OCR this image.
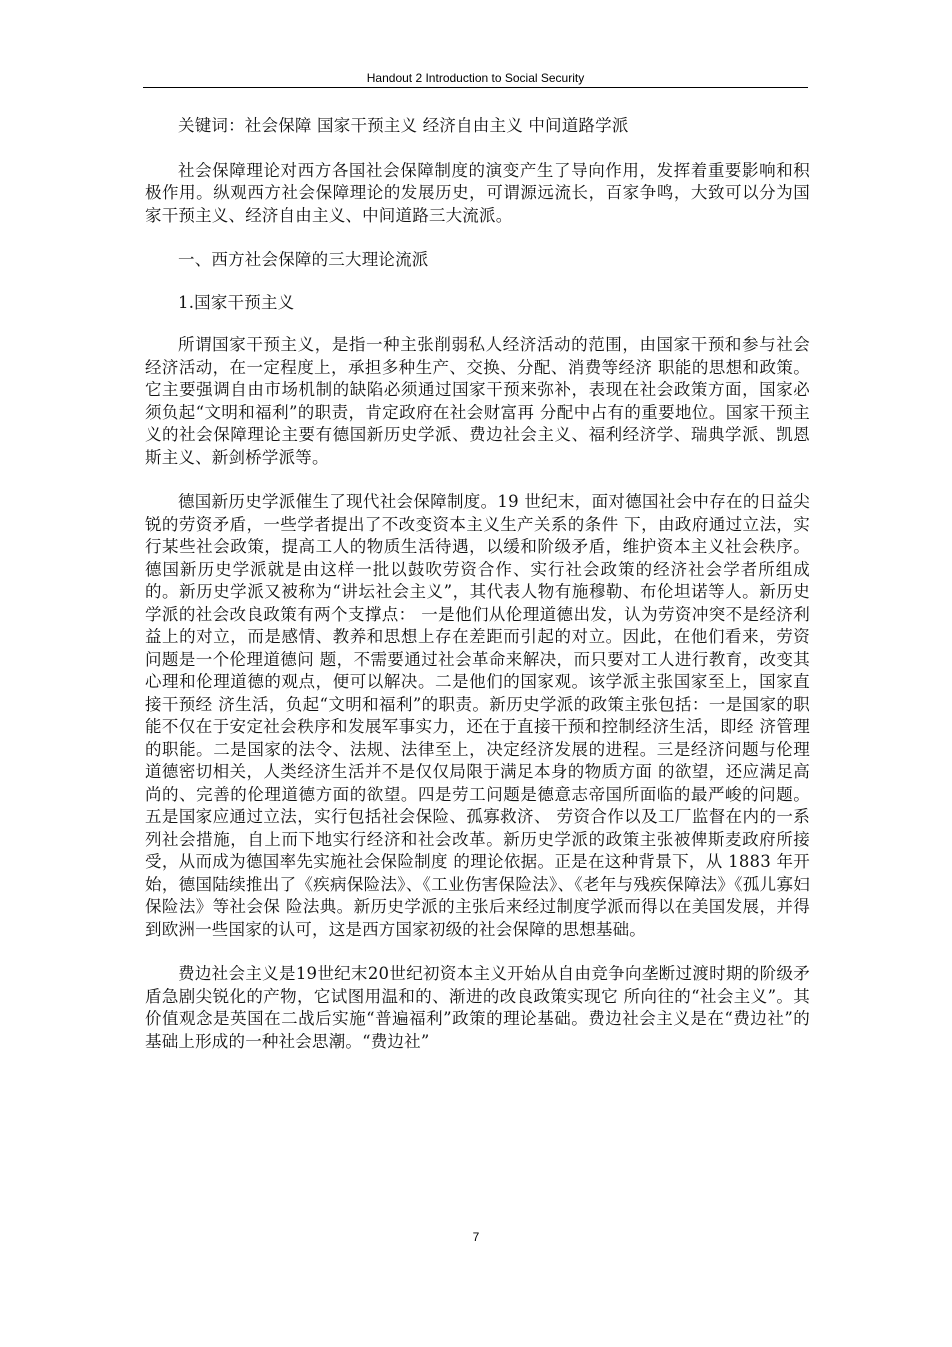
Handout 2 Introduction to Social Security

关键词：社会保障 国家干预主义 经济自由主义 中间道路学派

社会保障理论对西方各国社会保障制度的演变产生了导向作用，发挥着重要影响和积极作用。纵观西方社会保障理论的发展历史，可谓源远流长，百家争鸣，大致可以分为国家干预主义、经济自由主义、中间道路三大流派。

一、西方社会保障的三大理论流派

1.国家干预主义

所谓国家干预主义，是指一种主张削弱私人经济活动的范围，由国家干预和参与社会经济活动，在一定程度上，承担多种生产、交换、分配、消费等经济 职能的思想和政策。它主要强调自由市场机制的缺陷必须通过国家干预来弥补，表现在社会政策方面，国家必须负起“文明和福利”的职责，肯定政府在社会财富再 分配中占有的重要地位。国家干预主义的社会保障理论主要有德国新历史学派、费边社会主义、福利经济学、瑞典学派、凯恩斯主义、新剑桥学派等。

德国新历史学派催生了现代社会保障制度。19 世纪末，面对德国社会中存在的日益尖锐的劳资矛盾，一些学者提出了不改变资本主义生产关系的条件 下，由政府通过立法，实行某些社会政策，提高工人的物质生活待遇，以缓和阶级矛盾，维护资本主义社会秩序。德国新历史学派就是由这样一批以鼓吹劳资合作、实行社会政策的经济社会学者所组成的。新历史学派又被称为“讲坛社会主义”，其代表人物有施穆勒、布伦坦诺等人。新历史学派的社会改良政策有两个支撑点： 一是他们从伦理道德出发，认为劳资冲突不是经济利益上的对立，而是感情、教养和思想上存在差距而引起的对立。因此，在他们看来，劳资问题是一个伦理道德问 题，不需要通过社会革命来解决，而只要对工人进行教育，改变其心理和伦理道德的观点，便可以解决。二是他们的国家观。该学派主张国家至上，国家直接干预经 济生活，负起“文明和福利”的职责。新历史学派的政策主张包括：一是国家的职能不仅在于安定社会秩序和发展军事实力，还在于直接干预和控制经济生活，即经 济管理的职能。二是国家的法令、法规、法律至上，决定经济发展的进程。三是经济问题与伦理道德密切相关，人类经济生活并不是仅仅局限于满足本身的物质方面 的欲望，还应满足高尚的、完善的伦理道德方面的欲望。四是劳工问题是德意志帝国所面临的最严峻的问题。五是国家应通过立法，实行包括社会保险、孤寡救济、 劳资合作以及工厂监督在内的一系列社会措施，自上而下地实行经济和社会改革。新历史学派的政策主张被俾斯麦政府所接受，从而成为德国率先实施社会保险制度 的理论依据。正是在这种背景下，从 1883 年开始，德国陆续推出了《疾病保险法》、《工业伤害保险法》、《老年与残疾保障法》《孤儿寡妇保险法》等社会保 险法典。新历史学派的主张后来经过制度学派而得以在美国发展，并得到欧洲一些国家的认可，这是西方国家初级的社会保障的思想基础。

费边社会主义是19世纪末20世纪初资本主义开始从自由竞争向垄断过渡时期的阶级矛盾急剧尖锐化的产物，它试图用温和的、渐进的改良政策实现它 所向往的“社会主义”。其价值观念是英国在二战后实施“普遍福利”政策的理论基础。费边社会主义是在“费边社”的基础上形成的一种社会思潮。“费边社”

7
